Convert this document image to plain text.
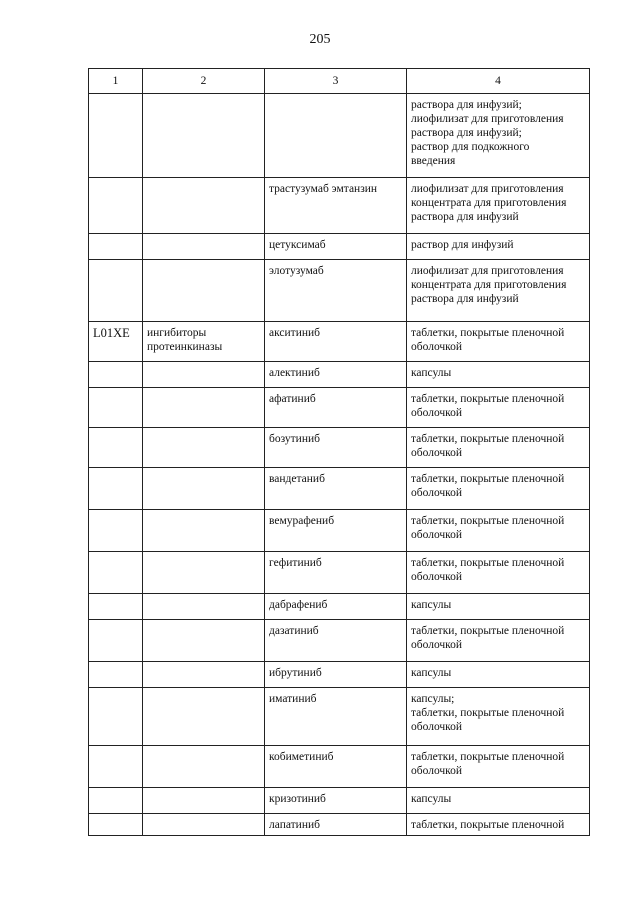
205
1	2	3	4

			раствора для инфузий;
лиофилизат для приготовления
раствора для инфузий;
раствор для подкожного
введения

		трастузумаб эмтанзин	лиофилизат для приготовления
концентрата для приготовления
раствора для инфузий

		цетуксимаб	раствор для инфузий

		элотузумаб	лиофилизат для приготовления
концентрата для приготовления
раствора для инфузий

L01XE	ингибиторы протеинкиназы	акситиниб	таблетки, покрытые пленочной
оболочкой

		алектиниб	капсулы

		афатиниб	таблетки, покрытые пленочной
оболочкой

		бозутиниб	таблетки, покрытые пленочной
оболочкой

		вандетаниб	таблетки, покрытые пленочной
оболочкой

		вемурафениб	таблетки, покрытые пленочной
оболочкой

		гефитиниб	таблетки, покрытые пленочной
оболочкой

		дабрафениб	капсулы

		дазатиниб	таблетки, покрытые пленочной
оболочкой

		ибрутиниб	капсулы

		иматиниб	капсулы;
таблетки, покрытые пленочной
оболочкой

		кобиметиниб	таблетки, покрытые пленочной
оболочкой

		кризотиниб	капсулы

		лапатиниб	таблетки, покрытые пленочной
